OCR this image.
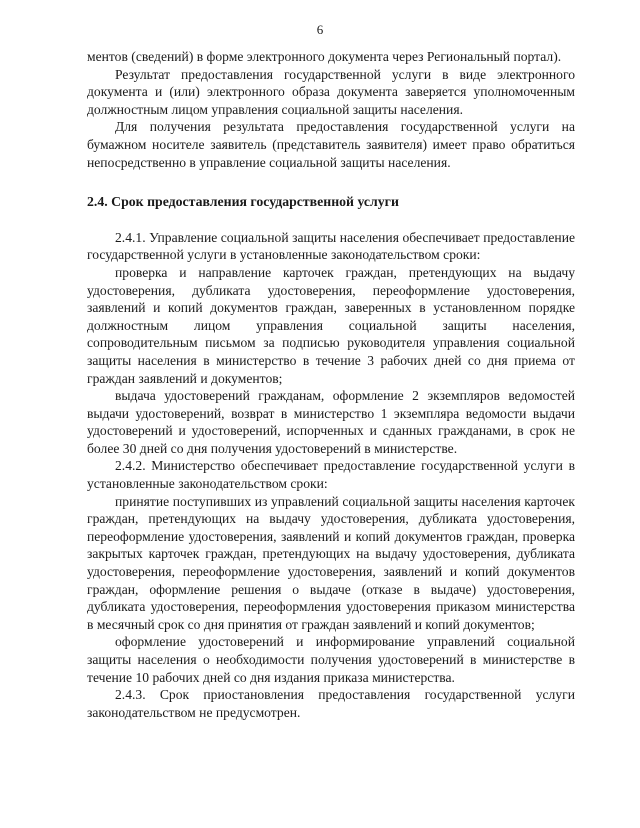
6

ментов (сведений) в форме электронного документа через Региональный портал).

Результат предоставления государственной услуги в виде электронного документа и (или) электронного образа документа заверяется уполномоченным должностным лицом управления социальной защиты населения.

Для получения результата предоставления государственной услуги на бумажном носителе заявитель (представитель заявителя) имеет право обратиться непосредственно в управление социальной защиты населения.

2.4. Срок предоставления государственной услуги

2.4.1. Управление социальной защиты населения обеспечивает предоставление государственной услуги в установленные законодательством сроки:

проверка и направление карточек граждан, претендующих на выдачу удостоверения, дубликата удостоверения, переоформление удостоверения, заявлений и копий документов граждан, заверенных в установленном порядке должностным лицом управления социальной защиты населения, сопроводительным письмом за подписью руководителя управления социальной защиты населения в министерство в течение 3 рабочих дней со дня приема от граждан заявлений и документов;

выдача удостоверений гражданам, оформление 2 экземпляров ведомостей выдачи удостоверений, возврат в министерство 1 экземпляра ведомости выдачи удостоверений и удостоверений, испорченных и сданных гражданами, в срок не более 30 дней со дня получения удостоверений в министерстве.

2.4.2. Министерство обеспечивает предоставление государственной услуги в установленные законодательством сроки:

принятие поступивших из управлений социальной защиты населения карточек граждан, претендующих на выдачу удостоверения, дубликата удостоверения, переоформление удостоверения, заявлений и копий документов граждан, проверка закрытых карточек граждан, претендующих на выдачу удостоверения, дубликата удостоверения, переоформление удостоверения, заявлений и копий документов граждан, оформление решения о выдаче (отказе в выдаче) удостоверения, дубликата удостоверения, переоформления удостоверения приказом министерства в месячный срок со дня принятия от граждан заявлений и копий документов;

оформление удостоверений и информирование управлений социальной защиты населения о необходимости получения удостоверений в министерстве в течение 10 рабочих дней со дня издания приказа министерства.

2.4.3. Срок приостановления предоставления государственной услуги законодательством не предусмотрен.
